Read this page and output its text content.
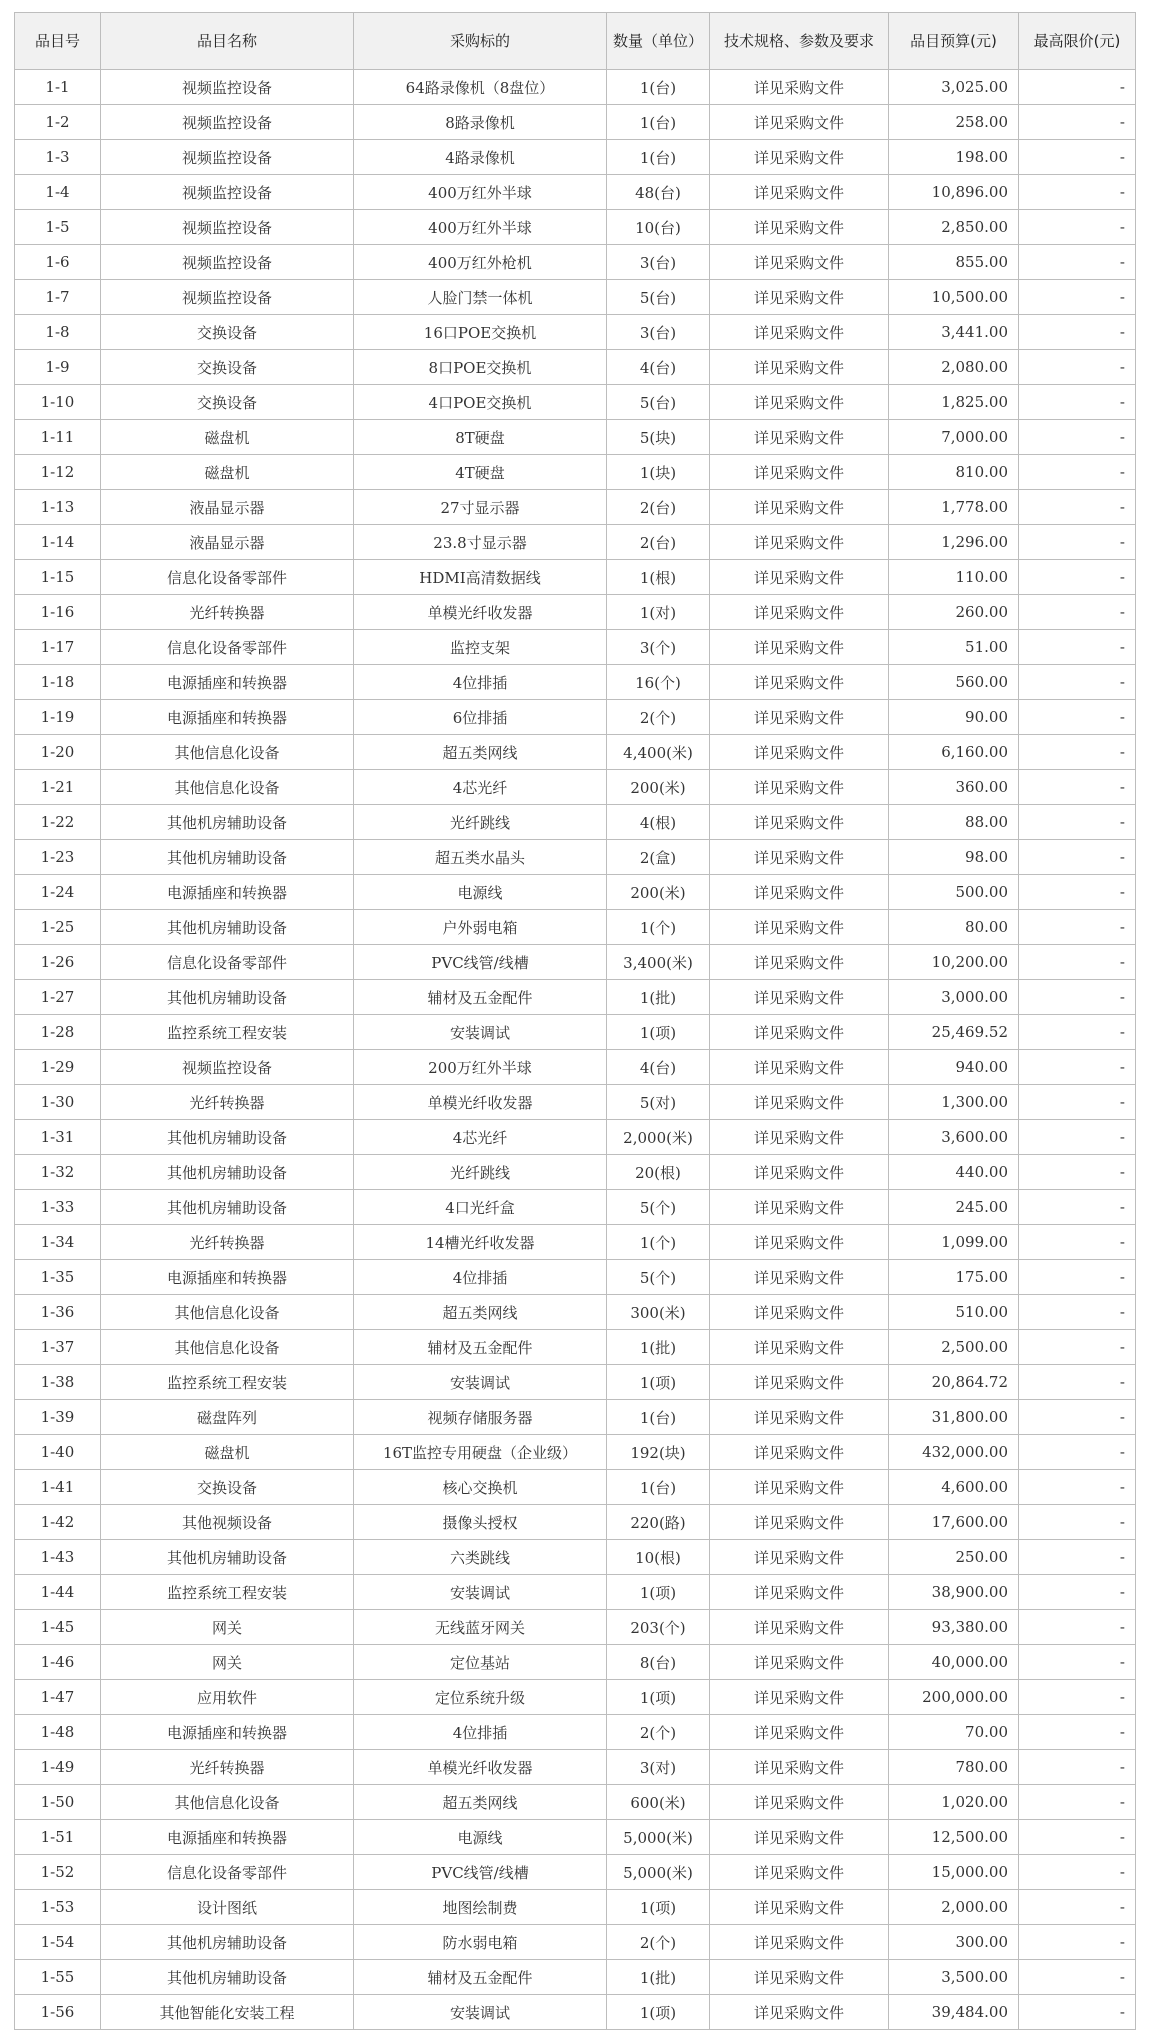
品目号	品目名称	采购标的	数量（单位）	技术规格、参数及要求	品目预算(元)	最高限价(元)
1-1	视频监控设备	64路录像机（8盘位）	1(台)	详见采购文件	3,025.00	-
1-2	视频监控设备	8路录像机	1(台)	详见采购文件	258.00	-
1-3	视频监控设备	4路录像机	1(台)	详见采购文件	198.00	-
1-4	视频监控设备	400万红外半球	48(台)	详见采购文件	10,896.00	-
1-5	视频监控设备	400万红外半球	10(台)	详见采购文件	2,850.00	-
1-6	视频监控设备	400万红外枪机	3(台)	详见采购文件	855.00	-
1-7	视频监控设备	人脸门禁一体机	5(台)	详见采购文件	10,500.00	-
1-8	交换设备	16口POE交换机	3(台)	详见采购文件	3,441.00	-
1-9	交换设备	8口POE交换机	4(台)	详见采购文件	2,080.00	-
1-10	交换设备	4口POE交换机	5(台)	详见采购文件	1,825.00	-
1-11	磁盘机	8T硬盘	5(块)	详见采购文件	7,000.00	-
1-12	磁盘机	4T硬盘	1(块)	详见采购文件	810.00	-
1-13	液晶显示器	27寸显示器	2(台)	详见采购文件	1,778.00	-
1-14	液晶显示器	23.8寸显示器	2(台)	详见采购文件	1,296.00	-
1-15	信息化设备零部件	HDMI高清数据线	1(根)	详见采购文件	110.00	-
1-16	光纤转换器	单模光纤收发器	1(对)	详见采购文件	260.00	-
1-17	信息化设备零部件	监控支架	3(个)	详见采购文件	51.00	-
1-18	电源插座和转换器	4位排插	16(个)	详见采购文件	560.00	-
1-19	电源插座和转换器	6位排插	2(个)	详见采购文件	90.00	-
1-20	其他信息化设备	超五类网线	4,400(米)	详见采购文件	6,160.00	-
1-21	其他信息化设备	4芯光纤	200(米)	详见采购文件	360.00	-
1-22	其他机房辅助设备	光纤跳线	4(根)	详见采购文件	88.00	-
1-23	其他机房辅助设备	超五类水晶头	2(盒)	详见采购文件	98.00	-
1-24	电源插座和转换器	电源线	200(米)	详见采购文件	500.00	-
1-25	其他机房辅助设备	户外弱电箱	1(个)	详见采购文件	80.00	-
1-26	信息化设备零部件	PVC线管/线槽	3,400(米)	详见采购文件	10,200.00	-
1-27	其他机房辅助设备	辅材及五金配件	1(批)	详见采购文件	3,000.00	-
1-28	监控系统工程安装	安装调试	1(项)	详见采购文件	25,469.52	-
1-29	视频监控设备	200万红外半球	4(台)	详见采购文件	940.00	-
1-30	光纤转换器	单模光纤收发器	5(对)	详见采购文件	1,300.00	-
1-31	其他机房辅助设备	4芯光纤	2,000(米)	详见采购文件	3,600.00	-
1-32	其他机房辅助设备	光纤跳线	20(根)	详见采购文件	440.00	-
1-33	其他机房辅助设备	4口光纤盒	5(个)	详见采购文件	245.00	-
1-34	光纤转换器	14槽光纤收发器	1(个)	详见采购文件	1,099.00	-
1-35	电源插座和转换器	4位排插	5(个)	详见采购文件	175.00	-
1-36	其他信息化设备	超五类网线	300(米)	详见采购文件	510.00	-
1-37	其他信息化设备	辅材及五金配件	1(批)	详见采购文件	2,500.00	-
1-38	监控系统工程安装	安装调试	1(项)	详见采购文件	20,864.72	-
1-39	磁盘阵列	视频存储服务器	1(台)	详见采购文件	31,800.00	-
1-40	磁盘机	16T监控专用硬盘（企业级）	192(块)	详见采购文件	432,000.00	-
1-41	交换设备	核心交换机	1(台)	详见采购文件	4,600.00	-
1-42	其他视频设备	摄像头授权	220(路)	详见采购文件	17,600.00	-
1-43	其他机房辅助设备	六类跳线	10(根)	详见采购文件	250.00	-
1-44	监控系统工程安装	安装调试	1(项)	详见采购文件	38,900.00	-
1-45	网关	无线蓝牙网关	203(个)	详见采购文件	93,380.00	-
1-46	网关	定位基站	8(台)	详见采购文件	40,000.00	-
1-47	应用软件	定位系统升级	1(项)	详见采购文件	200,000.00	-
1-48	电源插座和转换器	4位排插	2(个)	详见采购文件	70.00	-
1-49	光纤转换器	单模光纤收发器	3(对)	详见采购文件	780.00	-
1-50	其他信息化设备	超五类网线	600(米)	详见采购文件	1,020.00	-
1-51	电源插座和转换器	电源线	5,000(米)	详见采购文件	12,500.00	-
1-52	信息化设备零部件	PVC线管/线槽	5,000(米)	详见采购文件	15,000.00	-
1-53	设计图纸	地图绘制费	1(项)	详见采购文件	2,000.00	-
1-54	其他机房辅助设备	防水弱电箱	2(个)	详见采购文件	300.00	-
1-55	其他机房辅助设备	辅材及五金配件	1(批)	详见采购文件	3,500.00	-
1-56	其他智能化安装工程	安装调试	1(项)	详见采购文件	39,484.00	-
